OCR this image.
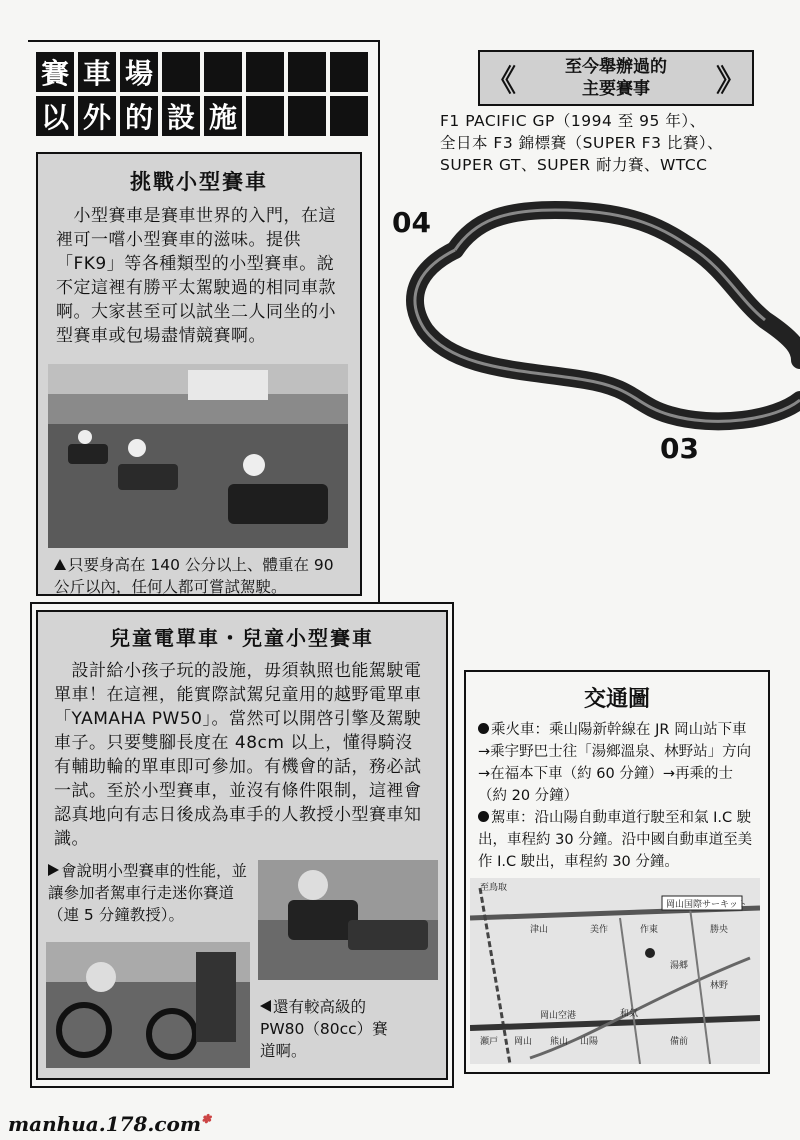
賽 車 場
以 外 的 設 施
《	至今舉辦過的
主要賽事	》
F1 PACIFIC GP（1994 至 95 年）、
全日本 F3 錦標賽（SUPER F3 比賽）、
SUPER GT、SUPER 耐力賽、WTCC
04
03
挑戰小型賽車
　小型賽車是賽車世界的入門，在這裡可一嚐小型賽車的滋味。提供「FK9」等各種類型的小型賽車。說不定這裡有勝平太駕駛過的相同車款啊。大家甚至可以試坐二人同坐的小型賽車或包場盡情競賽啊。
只要身高在 140 公分以上、體重在 90 公斤以內，任何人都可嘗試駕駛。
兒童電單車・兒童小型賽車
　設計給小孩子玩的設施，毋須執照也能駕駛電單車！在這裡，能實際試駕兒童用的越野電單車「YAMAHA PW50」。當然可以開啓引擎及駕駛車子。只要雙腳長度在 48cm 以上，懂得騎沒有輔助輪的單車即可參加。有機會的話，務必試一試。至於小型賽車，並沒有條件限制，這裡會認真地向有志日後成為車手的人教授小型賽車知識。
會說明小型賽車的性能，並讓參加者駕車行走迷你賽道（連 5 分鐘教授）。
還有較高級的 PW80（80cc）賽道啊。
交通圖
乘火車：乘山陽新幹線在 JR 岡山站下車→乘宇野巴士往「湯鄉溫泉、林野站」方向→在福本下車（約 60 分鐘）→再乘的士（約 20 分鐘）
駕車：沿山陽自動車道行駛至和氣 I.C 駛出，車程約 30 分鐘。沿中國自動車道至美作 I.C 駛出，車程約 30 分鐘。
岡山国際サーキット
至鳥取
津山	美作	作東	勝央
湯郷
林野
岡山空港	和気
岡山	山陽
瀬戸	熊山	備前
manhua.178.com✽
